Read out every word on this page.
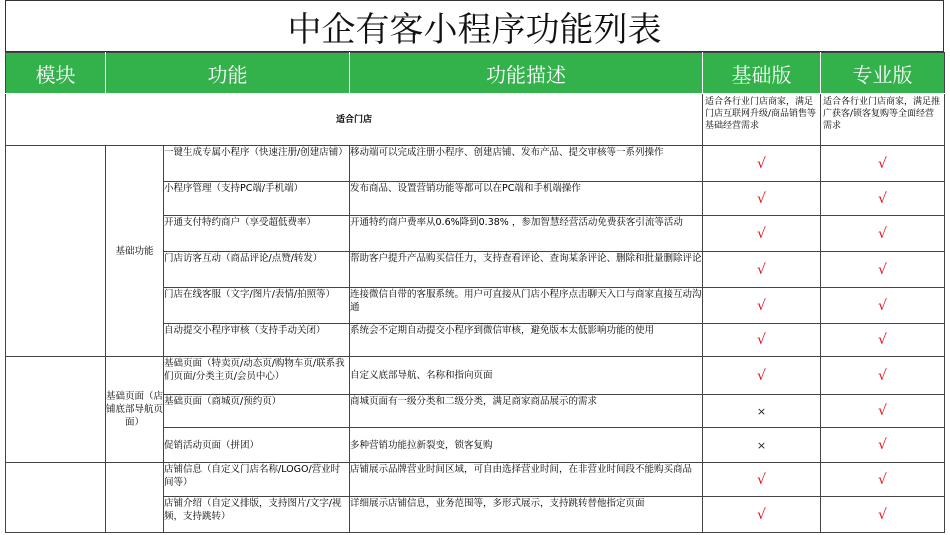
中企有客小程序功能列表
模块	功能		功能描述	基础版	专业版
适合门店				适合各行业门店商家，满足门店互联网升级/商品销售等基础经营需求	适合各行业门店商家，满足推广获客/锁客复购等全面经营需求
	基础功能	一键生成专属小程序（快速注册/创建店铺）	移动端可以完成注册小程序、创建店铺、发布产品、提交审核等一系列操作	√	√
		小程序管理（支持PC端/手机端）	发布商品、设置营销功能等都可以在PC端和手机端操作	√	√
		开通支付特约商户（享受超低费率）	开通特约商户费率从0.6%降到0.38% ，参加智慧经营活动免费获客引流等活动	√	√
		门店访客互动（商品评论/点赞/转发）	帮助客户提升产品购买信任力，支持查看评论、查询某条评论、删除和批量删除评论	√	√
		门店在线客服（文字/图片/表情/拍照等）	连接微信自带的客服系统。用户可直接从门店小程序点击聊天入口与商家直接互动沟通	√	√
		自动提交小程序审核（支持手动关闭）	系统会不定期自动提交小程序到微信审核，避免版本太低影响功能的使用	√	√
	基础页面（店铺底部导航页面）	基础页面（特卖页/动态页/购物车页/联系我们页面/分类主页/会员中心）	自定义底部导航、名称和指向页面	√	√
		基础页面（商城页/预约页）	商城页面有一级分类和二级分类，满足商家商品展示的需求	×	√
		促销活动页面（拼团）	多种营销功能拉新裂变，锁客复购	×	√
		店铺信息（自定义门店名称/LOGO/营业时间等）	店铺展示品牌营业时间区域，可自由选择营业时间，在非营业时间段不能购买商品	√	√
		店铺介绍（自定义排版，支持图片/文字/视频，支持跳转）	详细展示店铺信息，业务范围等，多形式展示，支持跳转替他指定页面	√	√
